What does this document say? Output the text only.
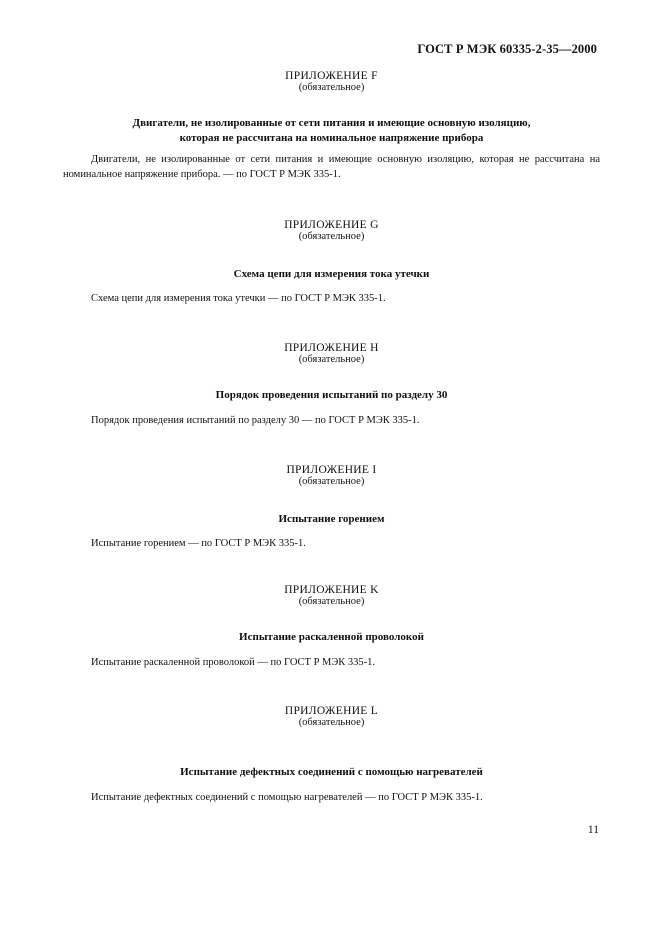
ГОСТ Р МЭК 60335-2-35—2000
ПРИЛОЖЕНИЕ F
(обязательное)
Двигатели, не изолированные от сети питания и имеющие основную изоляцию,
которая не рассчитана на номинальное напряжение прибора
Двигатели, не изолированные от сети питания и имеющие основную изоляцию, которая не рассчитана на номинальное напряжение прибора. — по ГОСТ Р МЭК 335-1.
ПРИЛОЖЕНИЕ G
(обязательное)
Схема цепи для измерения тока утечки
Схема цепи для измерения тока утечки — по ГОСТ Р МЭК 335-1.
ПРИЛОЖЕНИЕ H
(обязательное)
Порядок проведения испытаний по разделу 30
Порядок проведения испытаний по разделу 30 — по ГОСТ Р МЭК 335-1.
ПРИЛОЖЕНИЕ I
(обязательное)
Испытание горением
Испытание горением — по ГОСТ Р МЭК 335-1.
ПРИЛОЖЕНИЕ K
(обязательное)
Испытание раскаленной проволокой
Испытание раскаленной проволокой — по ГОСТ Р МЭК 335-1.
ПРИЛОЖЕНИЕ L
(обязательное)
Испытание дефектных соединений с помощью нагревателей
Испытание дефектных соединений с помощью нагревателей — по ГОСТ Р МЭК 335-1.
11
